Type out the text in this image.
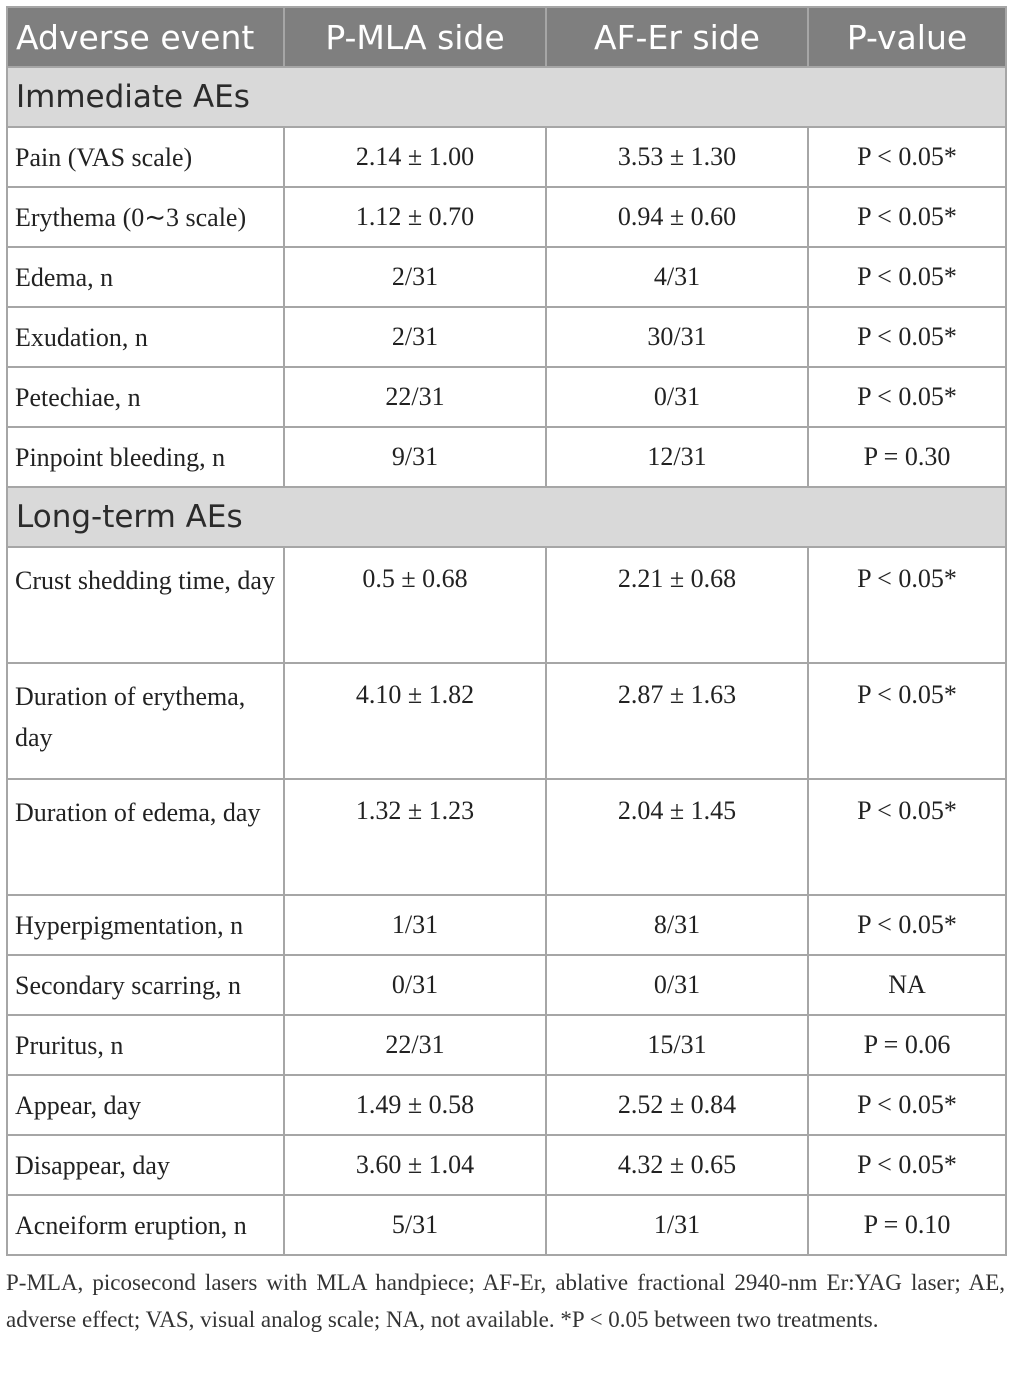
Adverse event	P-MLA side	AF-Er side	P-value
Immediate AEs			
Pain (VAS scale)	2.14 ± 1.00	3.53 ± 1.30	P < 0.05*
Erythema (0∼3 scale)	1.12 ± 0.70	0.94 ± 0.60	P < 0.05*
Edema, n	2/31	4/31	P < 0.05*
Exudation, n	2/31	30/31	P < 0.05*
Petechiae, n	22/31	0/31	P < 0.05*
Pinpoint bleeding, n	9/31	12/31	P = 0.30
Long-term AEs			
Crust shedding time, day	0.5 ± 0.68	2.21 ± 0.68	P < 0.05*
Duration of erythema, day	4.10 ± 1.82	2.87 ± 1.63	P < 0.05*
Duration of edema, day	1.32 ± 1.23	2.04 ± 1.45	P < 0.05*
Hyperpigmentation, n	1/31	8/31	P < 0.05*
Secondary scarring, n	0/31	0/31	NA
Pruritus, n	22/31	15/31	P = 0.06
Appear, day	1.49 ± 0.58	2.52 ± 0.84	P < 0.05*
Disappear, day	3.60 ± 1.04	4.32 ± 0.65	P < 0.05*
Acneiform eruption, n	5/31	1/31	P = 0.10
P-MLA, picosecond lasers with MLA handpiece; AF-Er, ablative fractional 2940-nm Er:YAG laser; AE, adverse effect; VAS, visual analog scale; NA, not available. *P < 0.05 between two treatments.
